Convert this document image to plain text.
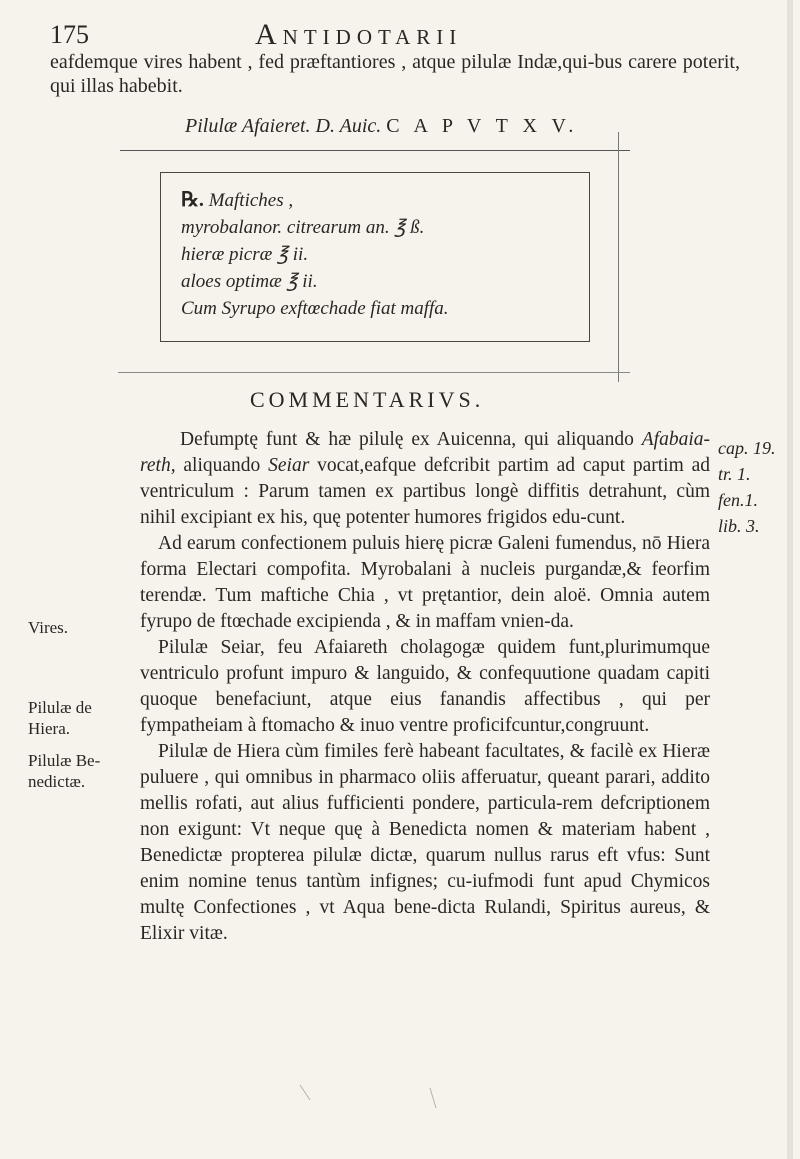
175	Antidotarii
eafdemque vires habent , fed præftantiores , atque pilulæ Indæ,qui-bus carere poterit, qui illas habebit.
Pilulæ Afaieret. D. Auic. C A P V T X V.
℞. Maftiches ,
myrobalanor. citrearum an. ℥ ß.
hieræ picræ ℥ ii.
aloes optimæ ℥ ii.
Cum Syrupo exftœchade fiat maffa.
COMMENTARIVS.

Defumptę funt & hæ pilulę ex Auicenna, qui aliquando Afabaia-reth, aliquando Seiar vocat,eafque defcribit partim ad caput partim ad ventriculum : Parum tamen ex partibus longè diffitis detrahunt, cùm nihil excipiant ex his, quę potenter humores frigidos edu-cunt.

Ad earum confectionem puluis hierę picræ Galeni fumendus, nō Hiera forma Electari compofita. Myrobalani à nucleis purgandæ,& feorfim terendæ. Tum maftiche Chia , vt prętantior, dein aloë. Omnia autem fyrupo de ftœchade excipienda , & in maffam vnien-da.

Pilulæ Seiar, feu Afaiareth cholagogæ quidem funt,plurimumque ventriculo profunt impuro & languido, & confequutione quadam capiti quoque benefaciunt, atque eius fanandis affectibus , qui per fympatheiam à ftomacho & inuo ventre proficifcuntur,congruunt.

Pilulæ de Hiera cùm fimiles ferè habeant facultates, & facilè ex Hieræ puluere , qui omnibus in pharmaco oliis afferuatur, queant parari, addito mellis rofati, aut alius fufficienti pondere, particula-rem defcriptionem non exigunt: Vt neque quę à Benedicta nomen & materiam habent , Benedictæ propterea pilulæ dictæ, quarum nullus rarus eft vfus: Sunt enim nomine tenus tantùm infignes; cu-iufmodi funt apud Chymicos multę Confectiones , vt Aqua bene-dicta Rulandi, Spiritus aureus, & Elixir vitæ.

cap. 19.
tr. 1.
fen.1.
lib. 3.
Vires.
Pilulæ de Hiera.
Pilulæ Be-nedictæ.
